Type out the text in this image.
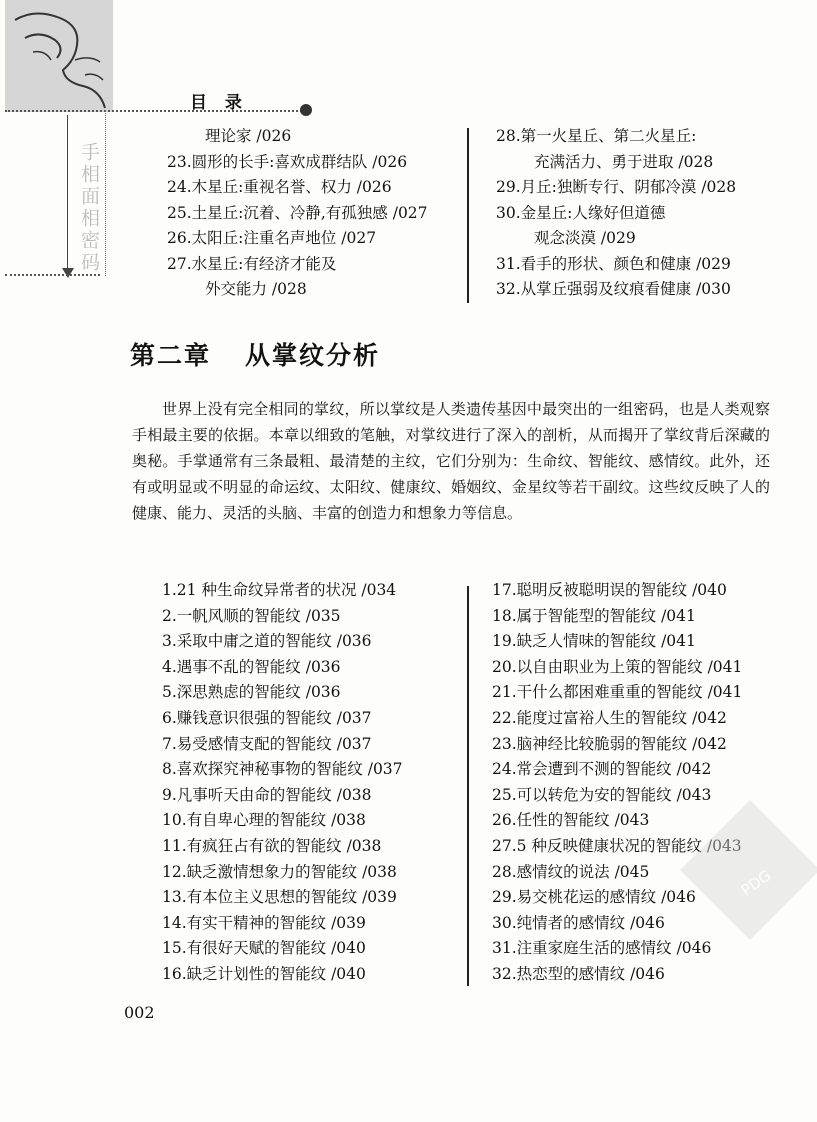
目 录
手相面相密码
理论家 /026
23.圆形的长手:喜欢成群结队 /026
24.木星丘:重视名誉、权力 /026
25.土星丘:沉着、冷静,有孤独感 /027
26.太阳丘:注重名声地位 /027
27.水星丘:有经济才能及
外交能力 /028
28.第一火星丘、第二火星丘:
充满活力、勇于进取 /028
29.月丘:独断专行、阴郁冷漠 /028
30.金星丘:人缘好但道德
观念淡漠 /029
31.看手的形状、颜色和健康 /029
32.从掌丘强弱及纹痕看健康 /030
第二章 从掌纹分析

世界上没有完全相同的掌纹，所以掌纹是人类遗传基因中最突出的一组密码，也是人类观察手相最主要的依据。本章以细致的笔触，对掌纹进行了深入的剖析，从而揭开了掌纹背后深藏的奥秘。手掌通常有三条最粗、最清楚的主纹，它们分别为：生命纹、智能纹、感情纹。此外，还有或明显或不明显的命运纹、太阳纹、健康纹、婚姻纹、金星纹等若干副纹。这些纹反映了人的健康、能力、灵活的头脑、丰富的创造力和想象力等信息。

1.21 种生命纹异常者的状况 /034
2.一帆风顺的智能纹 /035
3.采取中庸之道的智能纹 /036
4.遇事不乱的智能纹 /036
5.深思熟虑的智能纹 /036
6.赚钱意识很强的智能纹 /037
7.易受感情支配的智能纹 /037
8.喜欢探究神秘事物的智能纹 /037
9.凡事听天由命的智能纹 /038
10.有自卑心理的智能纹 /038
11.有疯狂占有欲的智能纹 /038
12.缺乏激情想象力的智能纹 /038
13.有本位主义思想的智能纹 /039
14.有实干精神的智能纹 /039
15.有很好天赋的智能纹 /040
16.缺乏计划性的智能纹 /040
17.聪明反被聪明误的智能纹 /040
18.属于智能型的智能纹 /041
19.缺乏人情味的智能纹 /041
20.以自由职业为上策的智能纹 /041
21.干什么都困难重重的智能纹 /041
22.能度过富裕人生的智能纹 /042
23.脑神经比较脆弱的智能纹 /042
24.常会遭到不测的智能纹 /042
25.可以转危为安的智能纹 /043
26.任性的智能纹 /043
27.5 种反映健康状况的智能纹 /043
28.感情纹的说法 /045
29.易交桃花运的感情纹 /046
30.纯情者的感情纹 /046
31.注重家庭生活的感情纹 /046
32.热恋型的感情纹 /046
002
PDG
